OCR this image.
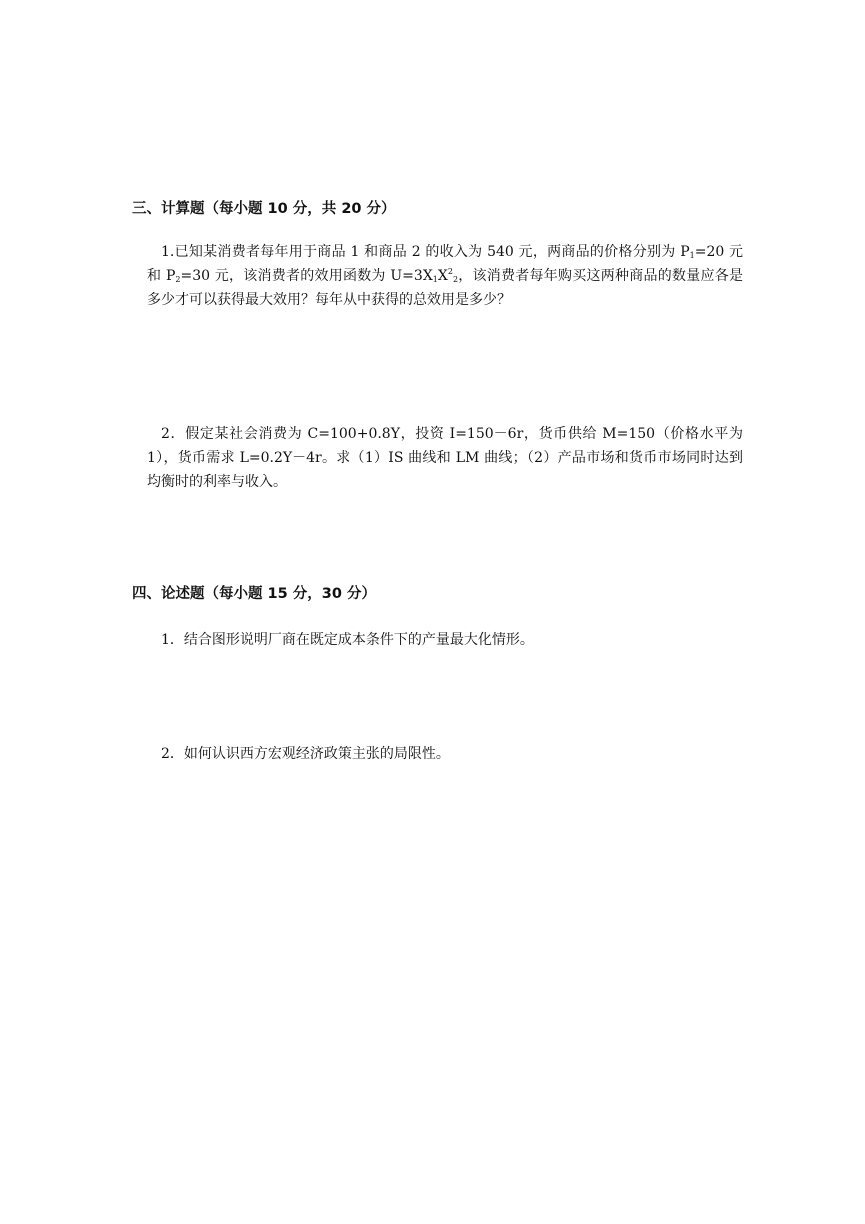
三、计算题（每小题 10 分，共 20 分）
1.已知某消费者每年用于商品 1 和商品 2 的收入为 540 元，两商品的价格分别为 $P_1=20$ 元和 $P_2=30$ 元，该消费者的效用函数为 $U=3X_1X^2_2$，该消费者每年购买这两种商品的数量应各是多少才可以获得最大效用？每年从中获得的总效用是多少？
2．假定某社会消费为 C=100+0.8Y，投资 I=150－6r，货币供给 M=150（价格水平为 1），货币需求 L=0.2Y－4r。求（1）IS 曲线和 LM 曲线；（2）产品市场和货币市场同时达到均衡时的利率与收入。
四、论述题（每小题 15 分，30 分）
1．结合图形说明厂商在既定成本条件下的产量最大化情形。
2．如何认识西方宏观经济政策主张的局限性。
